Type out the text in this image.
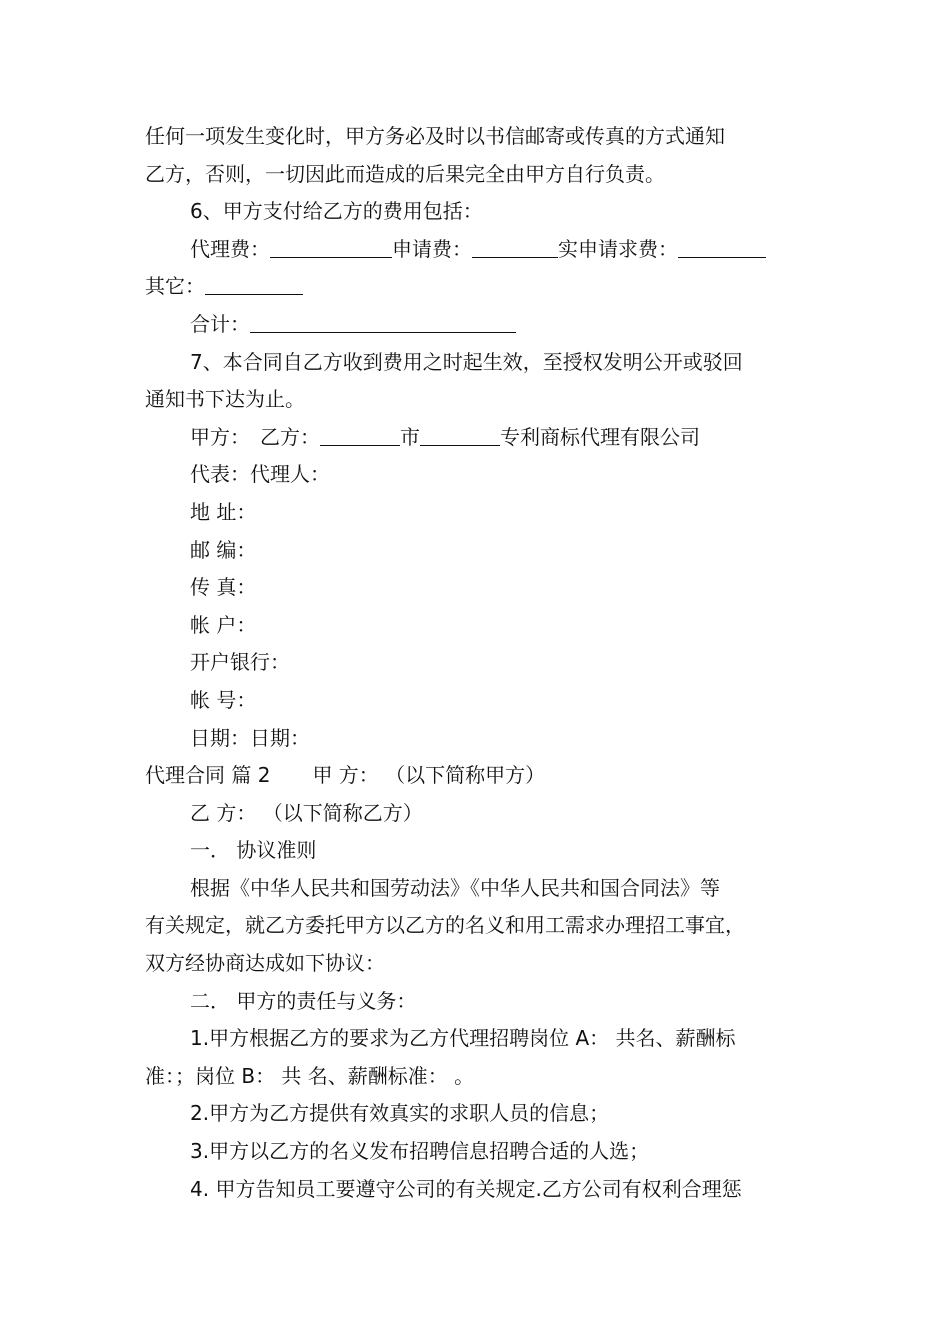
任何一项发生变化时，甲方务必及时以书信邮寄或传真的方式通知
乙方，否则，一切因此而造成的后果完全由甲方自行负责。
6、甲方支付给乙方的费用包括：
代理费：	申请费：	实申请求费：
其它：
合计：
7、本合同自乙方收到费用之时起生效，至授权发明公开或驳回
通知书下达为止。
甲方： 乙方：	市	专利商标代理有限公司
代表：代理人：
地 址：
邮 编：
传 真：
帐 户：
开户银行：
帐 号：
日期：日期：
代理合同 篇 2 甲 方： （以下简称甲方）
乙 方： （以下简称乙方）
一． 协议准则
根据《中华人民共和国劳动法》《中华人民共和国合同法》等
有关规定，就乙方委托甲方以乙方的名义和用工需求办理招工事宜，
双方经协商达成如下协议：
二． 甲方的责任与义务：
1.甲方根据乙方的要求为乙方代理招聘岗位 A： 共名、薪酬标
准：；岗位 B： 共 名、薪酬标准： 。
2.甲方为乙方提供有效真实的求职人员的信息；
3.甲方以乙方的名义发布招聘信息招聘合适的人选；
4. 甲方告知员工要遵守公司的有关规定.乙方公司有权利合理惩
